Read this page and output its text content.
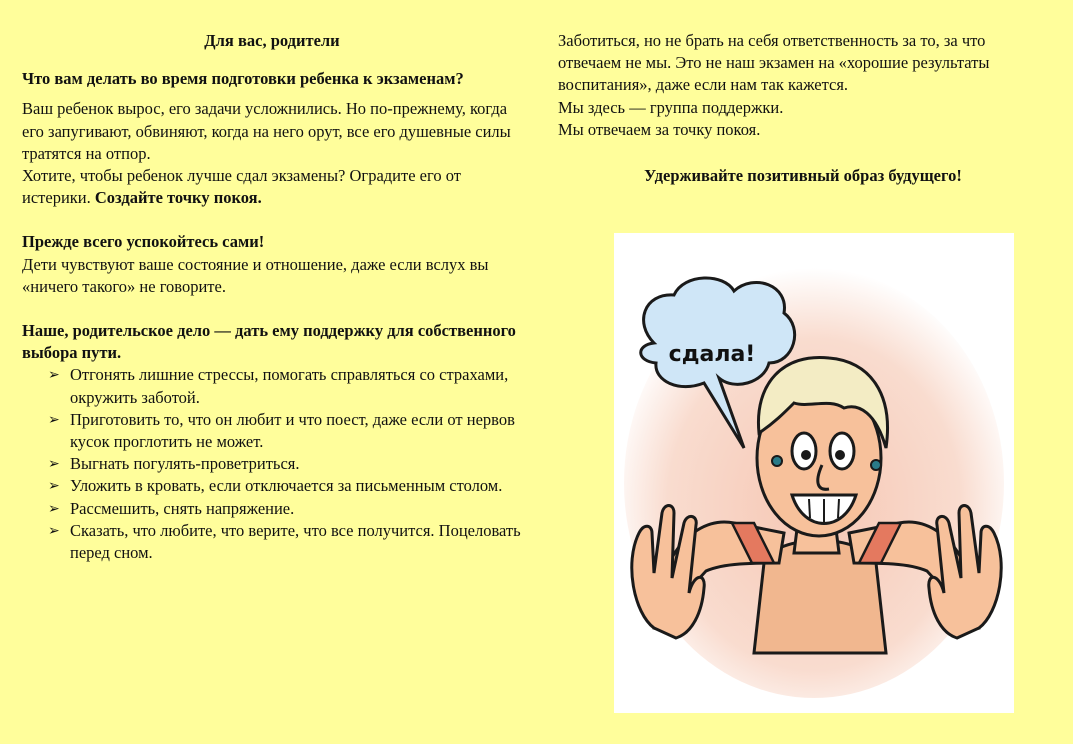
Для вас, родители

Что вам делать во время подготовки ребенка к экзаменам?

Ваш ребенок вырос, его задачи усложнились. Но по-прежнему, когда его запугивают, обвиняют, когда на него орут, все его душевные силы тратятся на отпор.

Хотите, чтобы ребенок лучше сдал экзамены? Оградите его от истерики. Создайте точку покоя.

Прежде всего успокойтесь сами!

Дети чувствуют ваше состояние и отношение, даже если вслух вы «ничего такого» не говорите.

Наше, родительское дело — дать ему поддержку для собственного выбора пути.

➢ Отгонять лишние стрессы, помогать справляться со страхами, окружить заботой.
➢ Приготовить то, что он любит и что поест, даже если от нервов кусок проглотить не может.
➢ Выгнать погулять-проветриться.
➢ Уложить в кровать, если отключается за письменным столом.
➢ Рассмешить, снять напряжение.
➢ Сказать, что любите, что верите, что все получится. Поцеловать перед сном.

Заботиться, но не брать на себя ответственность за то, за что отвечаем не мы. Это не наш экзамен на «хорошие результаты воспитания», даже если нам так кажется.

Мы здесь — группа поддержки.

Мы отвечаем за точку покоя.

Удерживайте позитивный образ будущего!

сдала!
